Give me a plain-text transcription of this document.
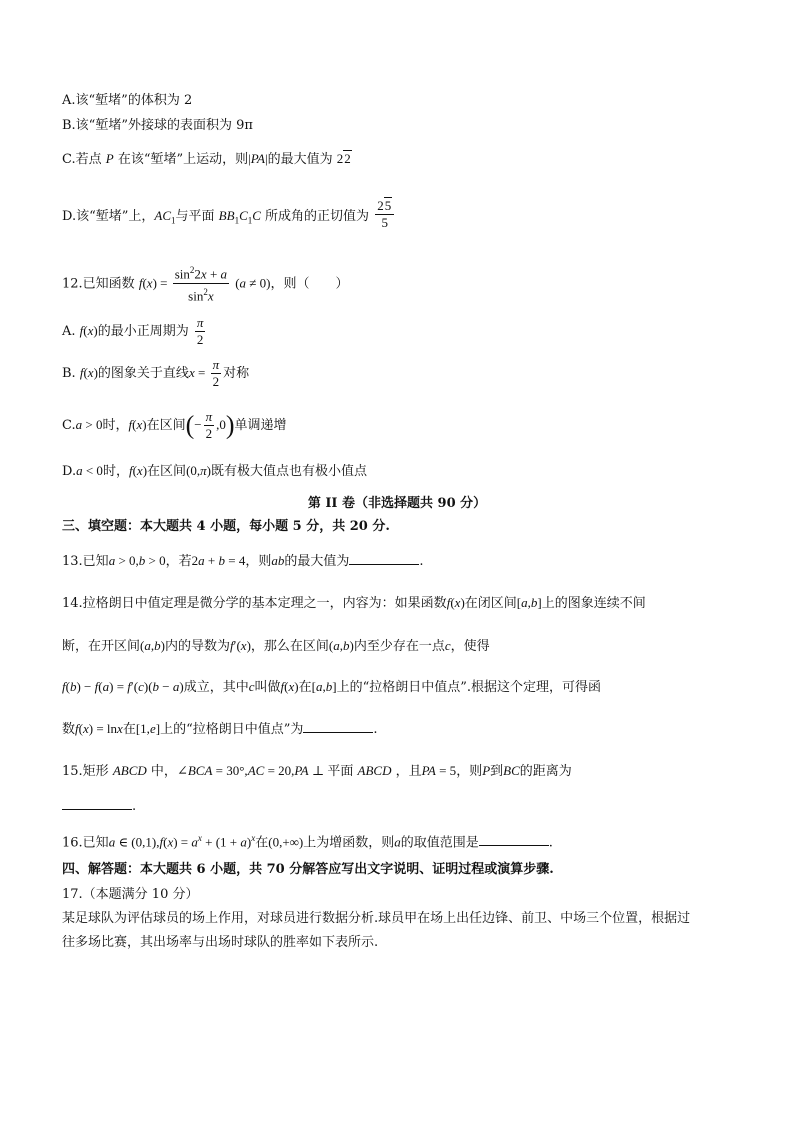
A.该“堑堵”的体积为 2
B.该“堑堵”外接球的表面积为 9π
C.若点 P 在该“堑堵”上运动，则|PA|的最大值为 22
D.该“堑堵”上，$AC_1$与平面 $BB_1C_1C$ 所成角的正切值为 $\frac{25}{5}$
12.已知函数 $f(x) = \frac{\sin^22x + a}{\sin^2x} (a \ne 0)$，则（　　）
A. f(x)的最小正周期为 $\frac{\pi}{2}$
B. f(x)的图象关于直线$x = \frac{\pi}{2}$ 对称
C.a > 0时，f(x)在区间(− $\frac{\pi}{2} ,0$)单调递增
D.a < 0时，f(x)在区间(0,π)既有极大值点也有极小值点
第 II 卷（非选择题共 90 分）
三、填空题：本大题共 4 小题，每小题 5 分，共 20 分.
13.已知a > 0,b > 0，若2a + b = 4，则ab的最大值为	.
14.拉格朗日中值定理是微分学的基本定理之一，内容为：如果函数f(x)在闭区间[a,b]上的图象连续不间
断，在开区间(a,b)内的导数为f′(x)，那么在区间(a,b)内至少存在一点c，使得
f(b) − f(a) = f′(c)(b − a)成立，其中c叫做f(x)在[a,b]上的“拉格朗日中值点”.根据这个定理，可得函
数f(x) = lnx在[1,e]上的“拉格朗日中值点”为	.
15.矩形 ABCD 中，∠BCA = 30°,AC = 20,PA ⊥ 平面 ABCD ，且PA = 5，则P到BC的距离为
.
16.已知a ∈ $(0,1),f(x) = a^x + (1 + a)^x$在(0,+∞)上为增函数，则a的取值范围是	.
四、解答题：本大题共 6 小题，共 70 分解答应写出文字说明、证明过程或演算步骤.
17.（本题满分 10 分）
某足球队为评估球员的场上作用，对球员进行数据分析.球员甲在场上出任边锋、前卫、中场三个位置，根据过
往多场比赛，其出场率与出场时球队的胜率如下表所示.
